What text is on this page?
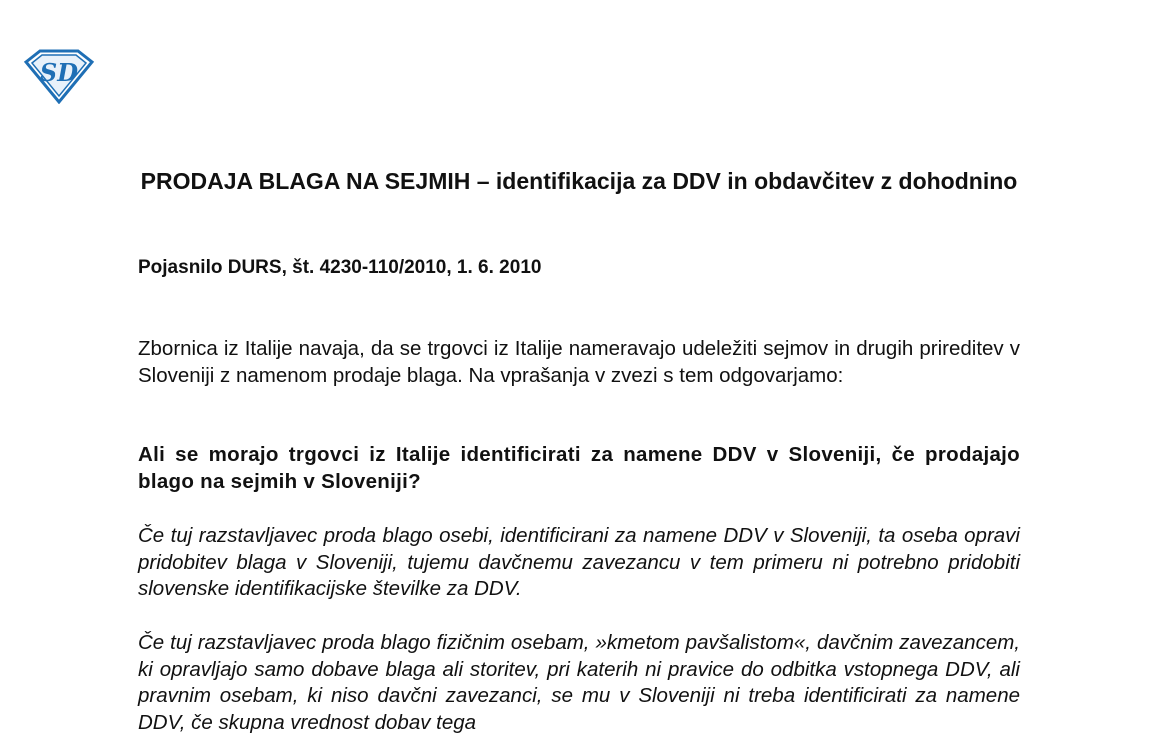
SD
PRODAJA BLAGA NA SEJMIH – identifikacija za DDV in obdavčitev z dohodnino

Pojasnilo DURS, št. 4230-110/2010, 1. 6. 2010

Zbornica iz Italije navaja, da se trgovci iz Italije nameravajo udeležiti sejmov in drugih prireditev v Sloveniji z namenom prodaje blaga. Na vprašanja v zvezi s tem odgovarjamo:

Ali se morajo trgovci iz Italije identificirati za namene DDV v Sloveniji, če prodajajo blago na sejmih v Sloveniji?

Če tuj razstavljavec proda blago osebi, identificirani za namene DDV v Sloveniji, ta oseba opravi pridobitev blaga v Sloveniji, tujemu davčnemu zavezancu v tem primeru ni potrebno pridobiti slovenske identifikacijske številke za DDV.

Če tuj razstavljavec proda blago fizičnim osebam, »kmetom pavšalistom«, davčnim zavezancem, ki opravljajo samo dobave blaga ali storitev, pri katerih ni pravice do odbitka vstopnega DDV, ali pravnim osebam, ki niso davčni zavezanci, se mu v Sloveniji ni treba identificirati za namene DDV, če skupna vrednost dobav tega
